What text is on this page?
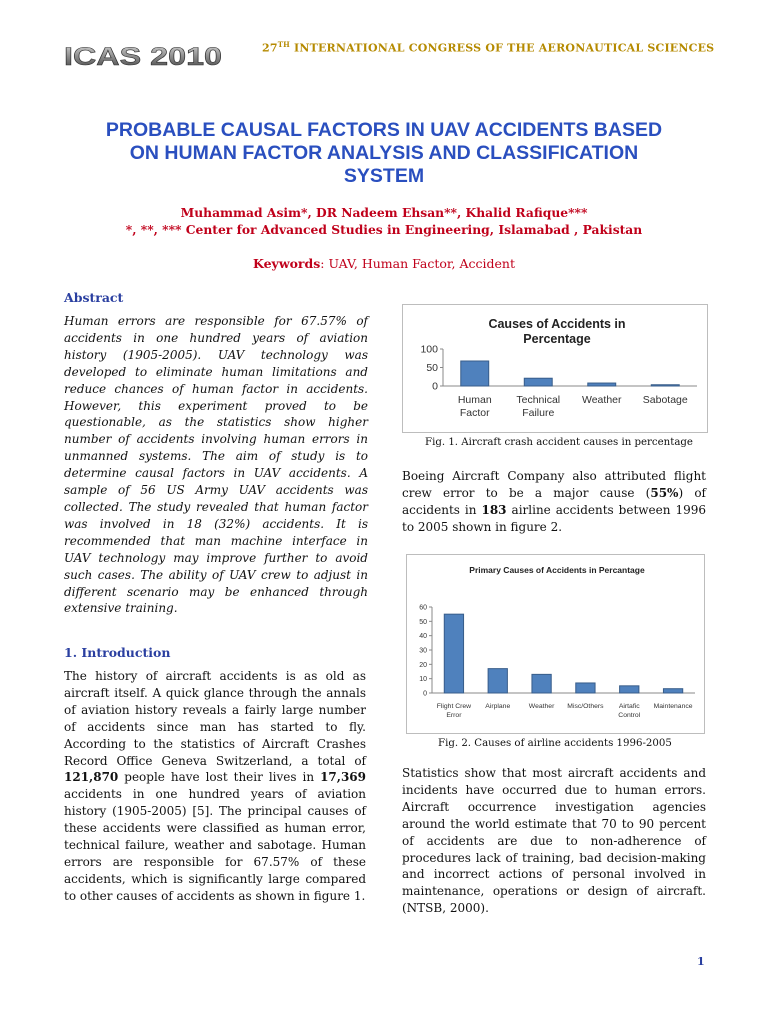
ICAS 2010	27TH INTERNATIONAL CONGRESS OF THE AERONAUTICAL SCIENCES
PROBABLE CAUSAL FACTORS IN UAV ACCIDENTS BASED
ON HUMAN FACTOR ANALYSIS AND CLASSIFICATION
SYSTEM
Muhammad Asim*, DR Nadeem Ehsan**, Khalid Rafique***
*, **, *** Center for Advanced Studies in Engineering, Islamabad , Pakistan
Keywords: UAV, Human Factor, Accident
Abstract
Human errors are responsible for 67.57% of accidents in one hundred years of aviation history (1905-2005). UAV technology was developed to eliminate human limitations and reduce chances of human factor in accidents. However, this experiment proved to be questionable, as the statistics show higher number of accidents involving human errors in unmanned systems. The aim of study is to determine causal factors in UAV accidents. A sample of 56 US Army UAV accidents was collected. The study revealed that human factor was involved in 18 (32%) accidents. It is recommended that man machine interface in UAV technology may improve further to avoid such cases. The ability of UAV crew to adjust in different scenario may be enhanced through extensive training.
1. Introduction
The history of aircraft accidents is as old as aircraft itself. A quick glance through the annals of aviation history reveals a fairly large number of accidents since man has started to fly. According to the statistics of Aircraft Crashes Record Office Geneva Switzerland, a total of 121,870 people have lost their lives in 17,369 accidents in one hundred years of aviation history (1905-2005) [5]. The principal causes of these accidents were classified as human error, technical failure, weather and sabotage. Human errors are responsible for 67.57% of these accidents, which is significantly large compared to other causes of accidents as shown in figure 1.
Causes of Accidents in
Percentage
0
50
100
Human
Factor
Technical
Failure
Weather Sabotage
Fig. 1. Aircraft crash accident causes in percentage
Boeing Aircraft Company also attributed flight crew error to be a major cause (55%) of accidents in 183 airline accidents between 1996 to 2005 shown in figure 2.
Primary Causes of Accidents in Percantage
0
10
20
30
40
50
60
Flight Crew
Error
Airplane	Weather Misc/Others Airtafic
Control
Maintenance
Fig. 2. Causes of airline accidents 1996-2005
Statistics show that most aircraft accidents and incidents have occurred due to human errors. Aircraft occurrence investigation agencies around the world estimate that 70 to 90 percent of accidents are due to non-adherence of procedures lack of training, bad decision-making and incorrect actions of personal involved in maintenance, operations or design of aircraft. (NTSB, 2000).
1
